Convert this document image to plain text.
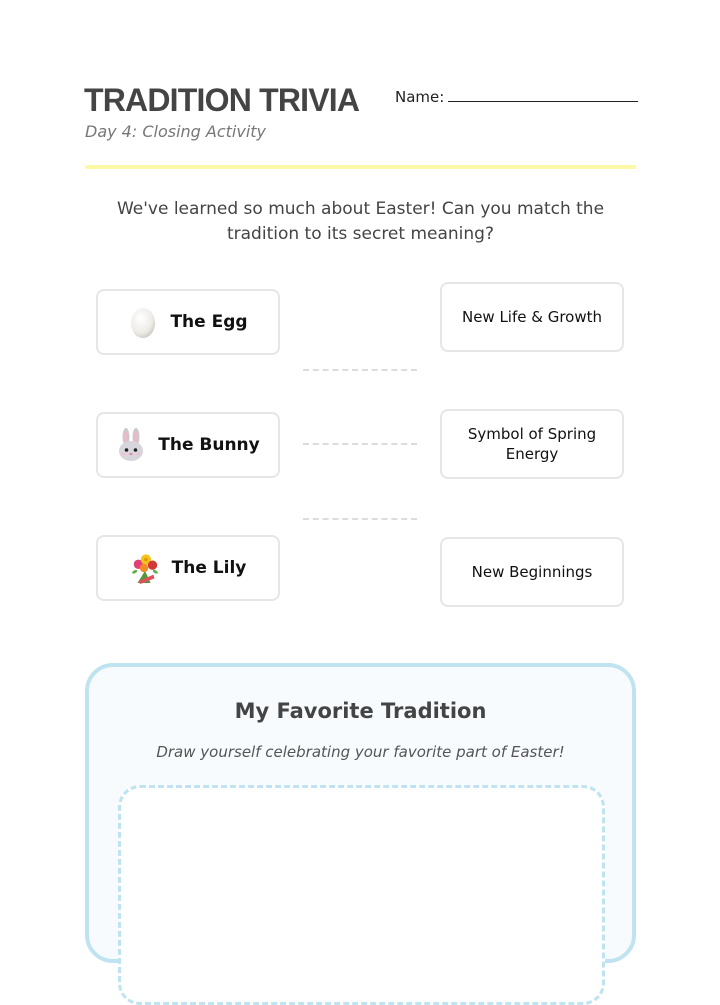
TRADITION TRIVIA
Day 4: Closing Activity
Name:
We've learned so much about Easter! Can you match the tradition to its secret meaning?
The Egg
The Bunny
The Lily
New Life & Growth
Symbol of Spring Energy
New Beginnings
My Favorite Tradition
Draw yourself celebrating your favorite part of Easter!
